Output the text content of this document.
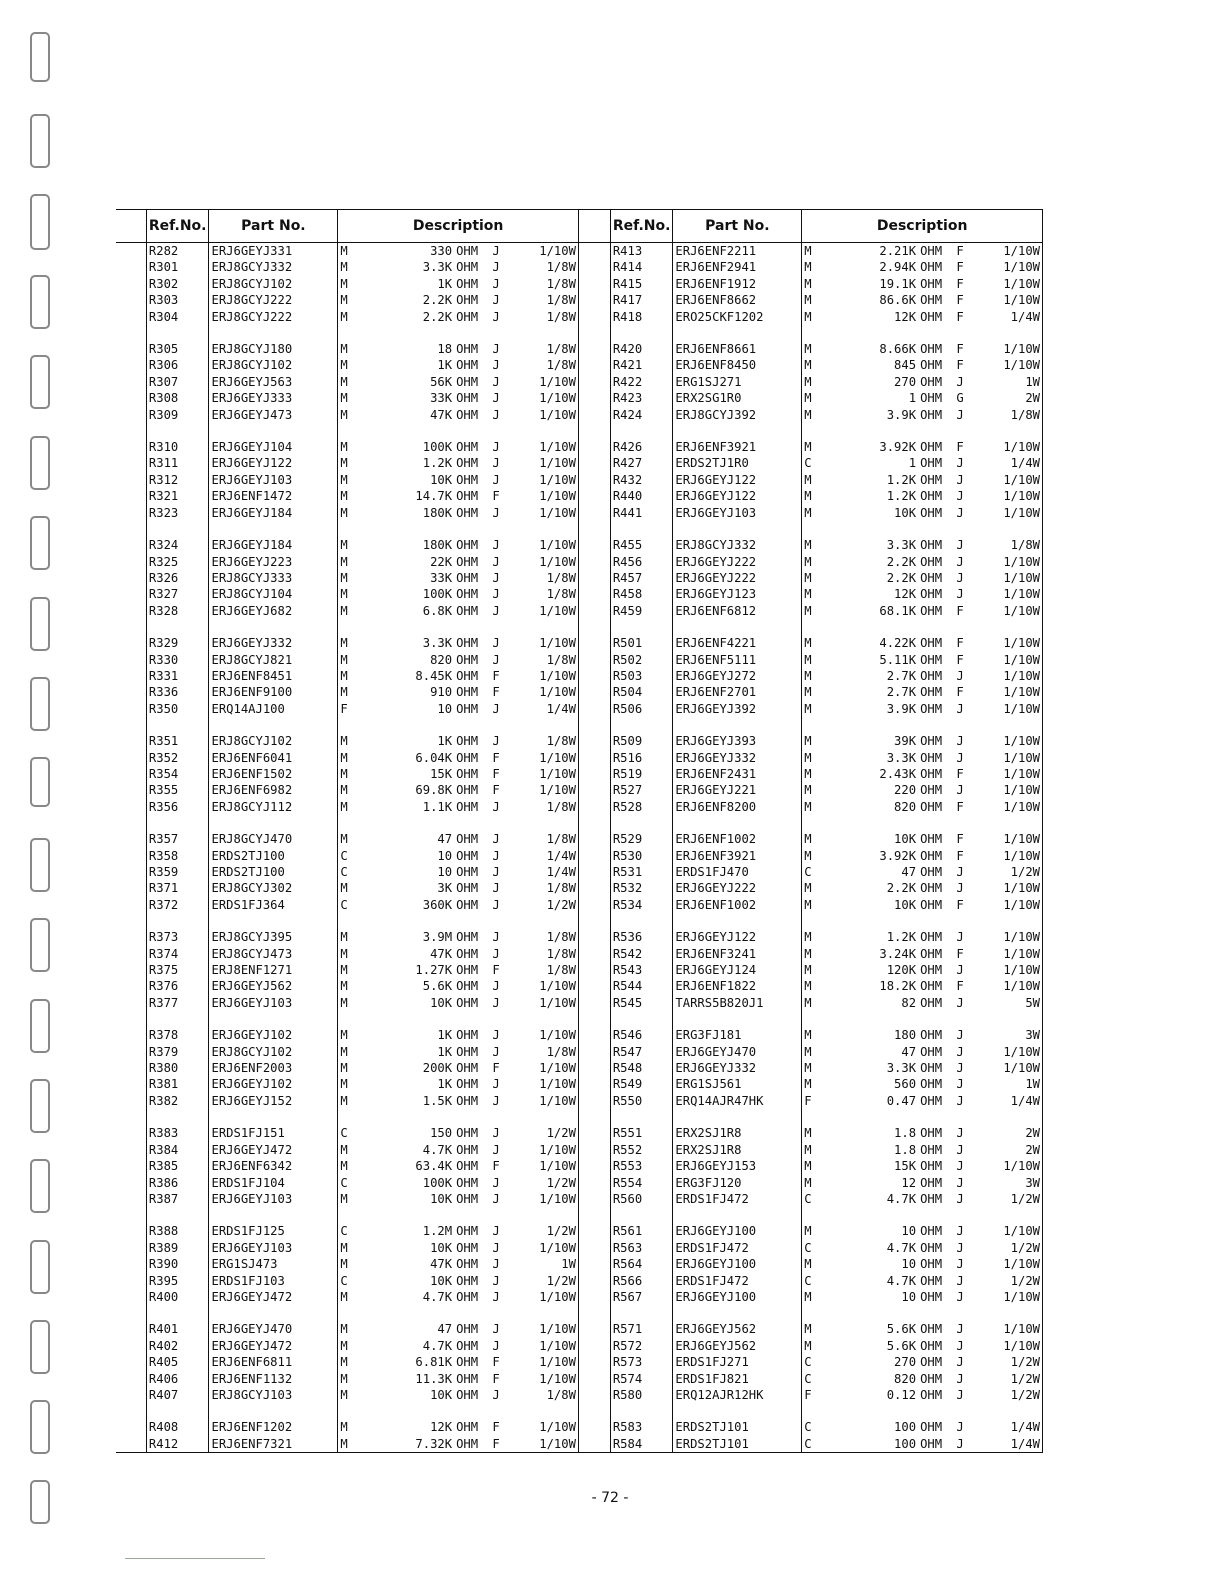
	Ref.No.	Part No.	Description						Ref.No.	Part No.	Description				
	R282	ERJ6GEYJ331	M	330	OHM	J	1/10W		R413	ERJ6ENF2211	M	2.21K	OHM	F	1/10W
	R301	ERJ8GCYJ332	M	3.3K	OHM	J	1/8W		R414	ERJ6ENF2941	M	2.94K	OHM	F	1/10W
	R302	ERJ8GCYJ102	M	1K	OHM	J	1/8W		R415	ERJ6ENF1912	M	19.1K	OHM	F	1/10W
	R303	ERJ8GCYJ222	M	2.2K	OHM	J	1/8W		R417	ERJ6ENF8662	M	86.6K	OHM	F	1/10W
	R304	ERJ8GCYJ222	M	2.2K	OHM	J	1/8W		R418	ERO25CKF1202	M	12K	OHM	F	1/4W

	R305	ERJ8GCYJ180	M	18	OHM	J	1/8W		R420	ERJ6ENF8661	M	8.66K	OHM	F	1/10W
	R306	ERJ8GCYJ102	M	1K	OHM	J	1/8W		R421	ERJ6ENF8450	M	845	OHM	F	1/10W
	R307	ERJ6GEYJ563	M	56K	OHM	J	1/10W		R422	ERG1SJ271	M	270	OHM	J	1W
	R308	ERJ6GEYJ333	M	33K	OHM	J	1/10W		R423	ERX2SG1R0	M	1	OHM	G	2W
	R309	ERJ6GEYJ473	M	47K	OHM	J	1/10W		R424	ERJ8GCYJ392	M	3.9K	OHM	J	1/8W

	R310	ERJ6GEYJ104	M	100K	OHM	J	1/10W		R426	ERJ6ENF3921	M	3.92K	OHM	F	1/10W
	R311	ERJ6GEYJ122	M	1.2K	OHM	J	1/10W		R427	ERDS2TJ1R0	C	1	OHM	J	1/4W
	R312	ERJ6GEYJ103	M	10K	OHM	J	1/10W		R432	ERJ6GEYJ122	M	1.2K	OHM	J	1/10W
	R321	ERJ6ENF1472	M	14.7K	OHM	F	1/10W		R440	ERJ6GEYJ122	M	1.2K	OHM	J	1/10W
	R323	ERJ6GEYJ184	M	180K	OHM	J	1/10W		R441	ERJ6GEYJ103	M	10K	OHM	J	1/10W

	R324	ERJ6GEYJ184	M	180K	OHM	J	1/10W		R455	ERJ8GCYJ332	M	3.3K	OHM	J	1/8W
	R325	ERJ6GEYJ223	M	22K	OHM	J	1/10W		R456	ERJ6GEYJ222	M	2.2K	OHM	J	1/10W
	R326	ERJ8GCYJ333	M	33K	OHM	J	1/8W		R457	ERJ6GEYJ222	M	2.2K	OHM	J	1/10W
	R327	ERJ8GCYJ104	M	100K	OHM	J	1/8W		R458	ERJ6GEYJ123	M	12K	OHM	J	1/10W
	R328	ERJ6GEYJ682	M	6.8K	OHM	J	1/10W		R459	ERJ6ENF6812	M	68.1K	OHM	F	1/10W

	R329	ERJ6GEYJ332	M	3.3K	OHM	J	1/10W		R501	ERJ6ENF4221	M	4.22K	OHM	F	1/10W
	R330	ERJ8GCYJ821	M	820	OHM	J	1/8W		R502	ERJ6ENF5111	M	5.11K	OHM	F	1/10W
	R331	ERJ6ENF8451	M	8.45K	OHM	F	1/10W		R503	ERJ6GEYJ272	M	2.7K	OHM	J	1/10W
	R336	ERJ6ENF9100	M	910	OHM	F	1/10W		R504	ERJ6ENF2701	M	2.7K	OHM	F	1/10W
	R350	ERQ14AJ100	F	10	OHM	J	1/4W		R506	ERJ6GEYJ392	M	3.9K	OHM	J	1/10W

	R351	ERJ8GCYJ102	M	1K	OHM	J	1/8W		R509	ERJ6GEYJ393	M	39K	OHM	J	1/10W
	R352	ERJ6ENF6041	M	6.04K	OHM	F	1/10W		R516	ERJ6GEYJ332	M	3.3K	OHM	J	1/10W
	R354	ERJ6ENF1502	M	15K	OHM	F	1/10W		R519	ERJ6ENF2431	M	2.43K	OHM	F	1/10W
	R355	ERJ6ENF6982	M	69.8K	OHM	F	1/10W		R527	ERJ6GEYJ221	M	220	OHM	J	1/10W
	R356	ERJ8GCYJ112	M	1.1K	OHM	J	1/8W		R528	ERJ6ENF8200	M	820	OHM	F	1/10W

	R357	ERJ8GCYJ470	M	47	OHM	J	1/8W		R529	ERJ6ENF1002	M	10K	OHM	F	1/10W
	R358	ERDS2TJ100	C	10	OHM	J	1/4W		R530	ERJ6ENF3921	M	3.92K	OHM	F	1/10W
	R359	ERDS2TJ100	C	10	OHM	J	1/4W		R531	ERDS1FJ470	C	47	OHM	J	1/2W
	R371	ERJ8GCYJ302	M	3K	OHM	J	1/8W		R532	ERJ6GEYJ222	M	2.2K	OHM	J	1/10W
	R372	ERDS1FJ364	C	360K	OHM	J	1/2W		R534	ERJ6ENF1002	M	10K	OHM	F	1/10W

	R373	ERJ8GCYJ395	M	3.9M	OHM	J	1/8W		R536	ERJ6GEYJ122	M	1.2K	OHM	J	1/10W
	R374	ERJ8GCYJ473	M	47K	OHM	J	1/8W		R542	ERJ6ENF3241	M	3.24K	OHM	F	1/10W
	R375	ERJ8ENF1271	M	1.27K	OHM	F	1/8W		R543	ERJ6GEYJ124	M	120K	OHM	J	1/10W
	R376	ERJ6GEYJ562	M	5.6K	OHM	J	1/10W		R544	ERJ6ENF1822	M	18.2K	OHM	F	1/10W
	R377	ERJ6GEYJ103	M	10K	OHM	J	1/10W		R545	TARRS5B820J1	M	82	OHM	J	5W

	R378	ERJ6GEYJ102	M	1K	OHM	J	1/10W		R546	ERG3FJ181	M	180	OHM	J	3W
	R379	ERJ8GCYJ102	M	1K	OHM	J	1/8W		R547	ERJ6GEYJ470	M	47	OHM	J	1/10W
	R380	ERJ6ENF2003	M	200K	OHM	F	1/10W		R548	ERJ6GEYJ332	M	3.3K	OHM	J	1/10W
	R381	ERJ6GEYJ102	M	1K	OHM	J	1/10W		R549	ERG1SJ561	M	560	OHM	J	1W
	R382	ERJ6GEYJ152	M	1.5K	OHM	J	1/10W		R550	ERQ14AJR47HK	F	0.47	OHM	J	1/4W

	R383	ERDS1FJ151	C	150	OHM	J	1/2W		R551	ERX2SJ1R8	M	1.8	OHM	J	2W
	R384	ERJ6GEYJ472	M	4.7K	OHM	J	1/10W		R552	ERX2SJ1R8	M	1.8	OHM	J	2W
	R385	ERJ6ENF6342	M	63.4K	OHM	F	1/10W		R553	ERJ6GEYJ153	M	15K	OHM	J	1/10W
	R386	ERDS1FJ104	C	100K	OHM	J	1/2W		R554	ERG3FJ120	M	12	OHM	J	3W
	R387	ERJ6GEYJ103	M	10K	OHM	J	1/10W		R560	ERDS1FJ472	C	4.7K	OHM	J	1/2W

	R388	ERDS1FJ125	C	1.2M	OHM	J	1/2W		R561	ERJ6GEYJ100	M	10	OHM	J	1/10W
	R389	ERJ6GEYJ103	M	10K	OHM	J	1/10W		R563	ERDS1FJ472	C	4.7K	OHM	J	1/2W
	R390	ERG1SJ473	M	47K	OHM	J	1W		R564	ERJ6GEYJ100	M	10	OHM	J	1/10W
	R395	ERDS1FJ103	C	10K	OHM	J	1/2W		R566	ERDS1FJ472	C	4.7K	OHM	J	1/2W
	R400	ERJ6GEYJ472	M	4.7K	OHM	J	1/10W		R567	ERJ6GEYJ100	M	10	OHM	J	1/10W

	R401	ERJ6GEYJ470	M	47	OHM	J	1/10W		R571	ERJ6GEYJ562	M	5.6K	OHM	J	1/10W
	R402	ERJ6GEYJ472	M	4.7K	OHM	J	1/10W		R572	ERJ6GEYJ562	M	5.6K	OHM	J	1/10W
	R405	ERJ6ENF6811	M	6.81K	OHM	F	1/10W		R573	ERDS1FJ271	C	270	OHM	J	1/2W
	R406	ERJ6ENF1132	M	11.3K	OHM	F	1/10W		R574	ERDS1FJ821	C	820	OHM	J	1/2W
	R407	ERJ8GCYJ103	M	10K	OHM	J	1/8W		R580	ERQ12AJR12HK	F	0.12	OHM	J	1/2W

	R408	ERJ6ENF1202	M	12K	OHM	F	1/10W		R583	ERDS2TJ101	C	100	OHM	J	1/4W
	R412	ERJ6ENF7321	M	7.32K	OHM	F	1/10W		R584	ERDS2TJ101	C	100	OHM	J	1/4W
- 72 -
